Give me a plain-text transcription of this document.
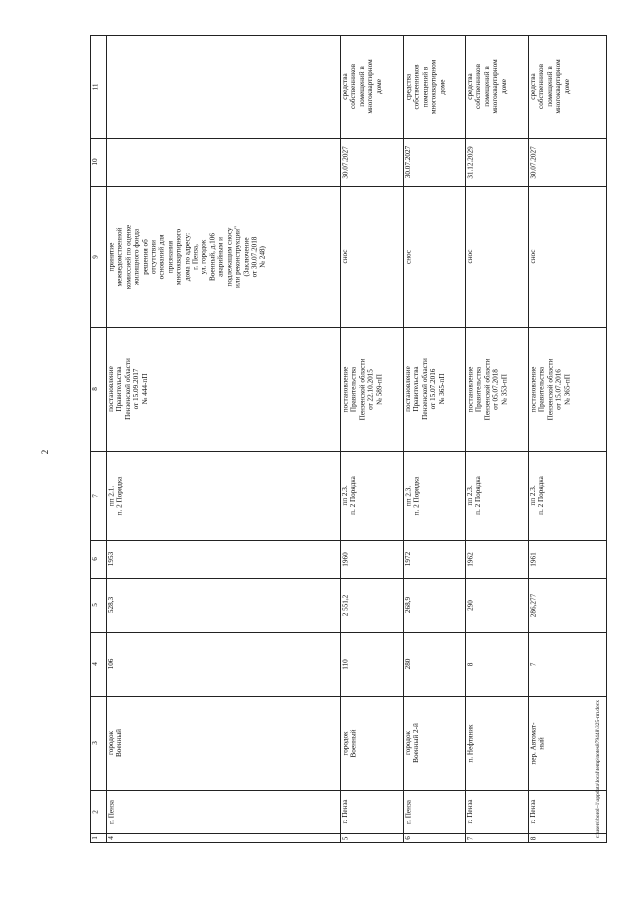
2
c:\users\borol~1\appdata\local\temp\notes879448\325-пп.docx
1
2
3
4
5
6
7
8
9
10
11
4
г. Пенза
городок
Военный
106
528,3
1953
пп 2.1.
п. 2 Порядка
постановление
Правительства
Пензенской области
от 15.09.2017
№ 444-пП
принятие
межведомственной
комиссией по оценке
жилищного фонда
решения об
отсутствии
оснований для
признания
многоквартирного
дома по адресу:
г. Пенза,
ул. городок
Военный, д.106
аварийным и
подлежащим сносу
или реконструкции"
(Заключение
от 30.07.2018
№ 248)
5
г. Пенза
городок
Военный
110
2 551,2
1960
пп 2.3.
п. 2 Порядка
постановление
Правительства
Пензенской области
от 22.10.2015
№ 589-пП
снос
30.07.2027
средства
собственников
помещений в
многоквартирном
доме
6
г. Пенза
городок
Военный 2-й
280
268,9
1972
пп 2.3.
п. 2 Порядка
постановление
Правительства
Пензенской области
от 15.07.2016
№ 365-пП
снос
30.07.2027
средства
собственников
помещений в
многоквартирном
доме
7
г. Пенза
п. Нефтяник
8
290
1962
пп 2.3.
п. 2 Порядка
постановление
Правительства
Пензенской области
от 05.07.2018
№ 353-пП
снос
31.12.2029
средства
собственников
помещений в
многоквартирном
доме
8
г. Пенза
пер. Автомат-
ный
7
286,277
1961
пп 2.3.
п. 2 Порядка
постановление
Правительства
Пензенской области
от 15.07.2016
№ 365-пП
снос
30.07.2027
средства
собственников
помещений в
многоквартирном
доме
